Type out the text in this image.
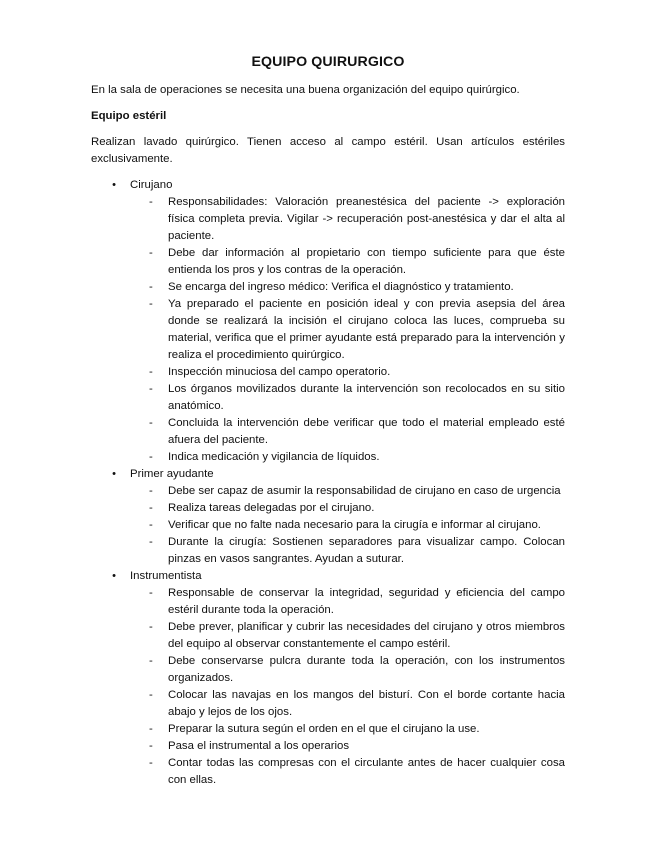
EQUIPO QUIRURGICO

En la sala de operaciones se necesita una buena organización del equipo quirúrgico.

Equipo estéril

Realizan lavado quirúrgico. Tienen acceso al campo estéril. Usan artículos estériles exclusivamente.

• Cirujano
- Responsabilidades: Valoración preanestésica del paciente -> exploración física completa previa. Vigilar -> recuperación post-anestésica y dar el alta al paciente.
- Debe dar información al propietario con tiempo suficiente para que éste entienda los pros y los contras de la operación.
- Se encarga del ingreso médico: Verifica el diagnóstico y tratamiento.
- Ya preparado el paciente en posición ideal y con previa asepsia del área donde se realizará la incisión el cirujano coloca las luces, comprueba su material, verifica que el primer ayudante está preparado para la intervención y realiza el procedimiento quirúrgico.
- Inspección minuciosa del campo operatorio.
- Los órganos movilizados durante la intervención son recolocados en su sitio anatómico.
- Concluida la intervención debe verificar que todo el material empleado esté afuera del paciente.
- Indica medicación y vigilancia de líquidos.
• Primer ayudante
- Debe ser capaz de asumir la responsabilidad de cirujano en caso de urgencia
- Realiza tareas delegadas por el cirujano.
- Verificar que no falte nada necesario para la cirugía e informar al cirujano.
- Durante la cirugía: Sostienen separadores para visualizar campo. Colocan pinzas en vasos sangrantes. Ayudan a suturar.
• Instrumentista
- Responsable de conservar la integridad, seguridad y eficiencia del campo estéril durante toda la operación.
- Debe prever, planificar y cubrir las necesidades del cirujano y otros miembros del equipo al observar constantemente el campo estéril.
- Debe conservarse pulcra durante toda la operación, con los instrumentos organizados.
- Colocar las navajas en los mangos del bisturí. Con el borde cortante hacia abajo y lejos de los ojos.
- Preparar la sutura según el orden en el que el cirujano la use.
- Pasa el instrumental a los operarios
- Contar todas las compresas con el circulante antes de hacer cualquier cosa con ellas.
